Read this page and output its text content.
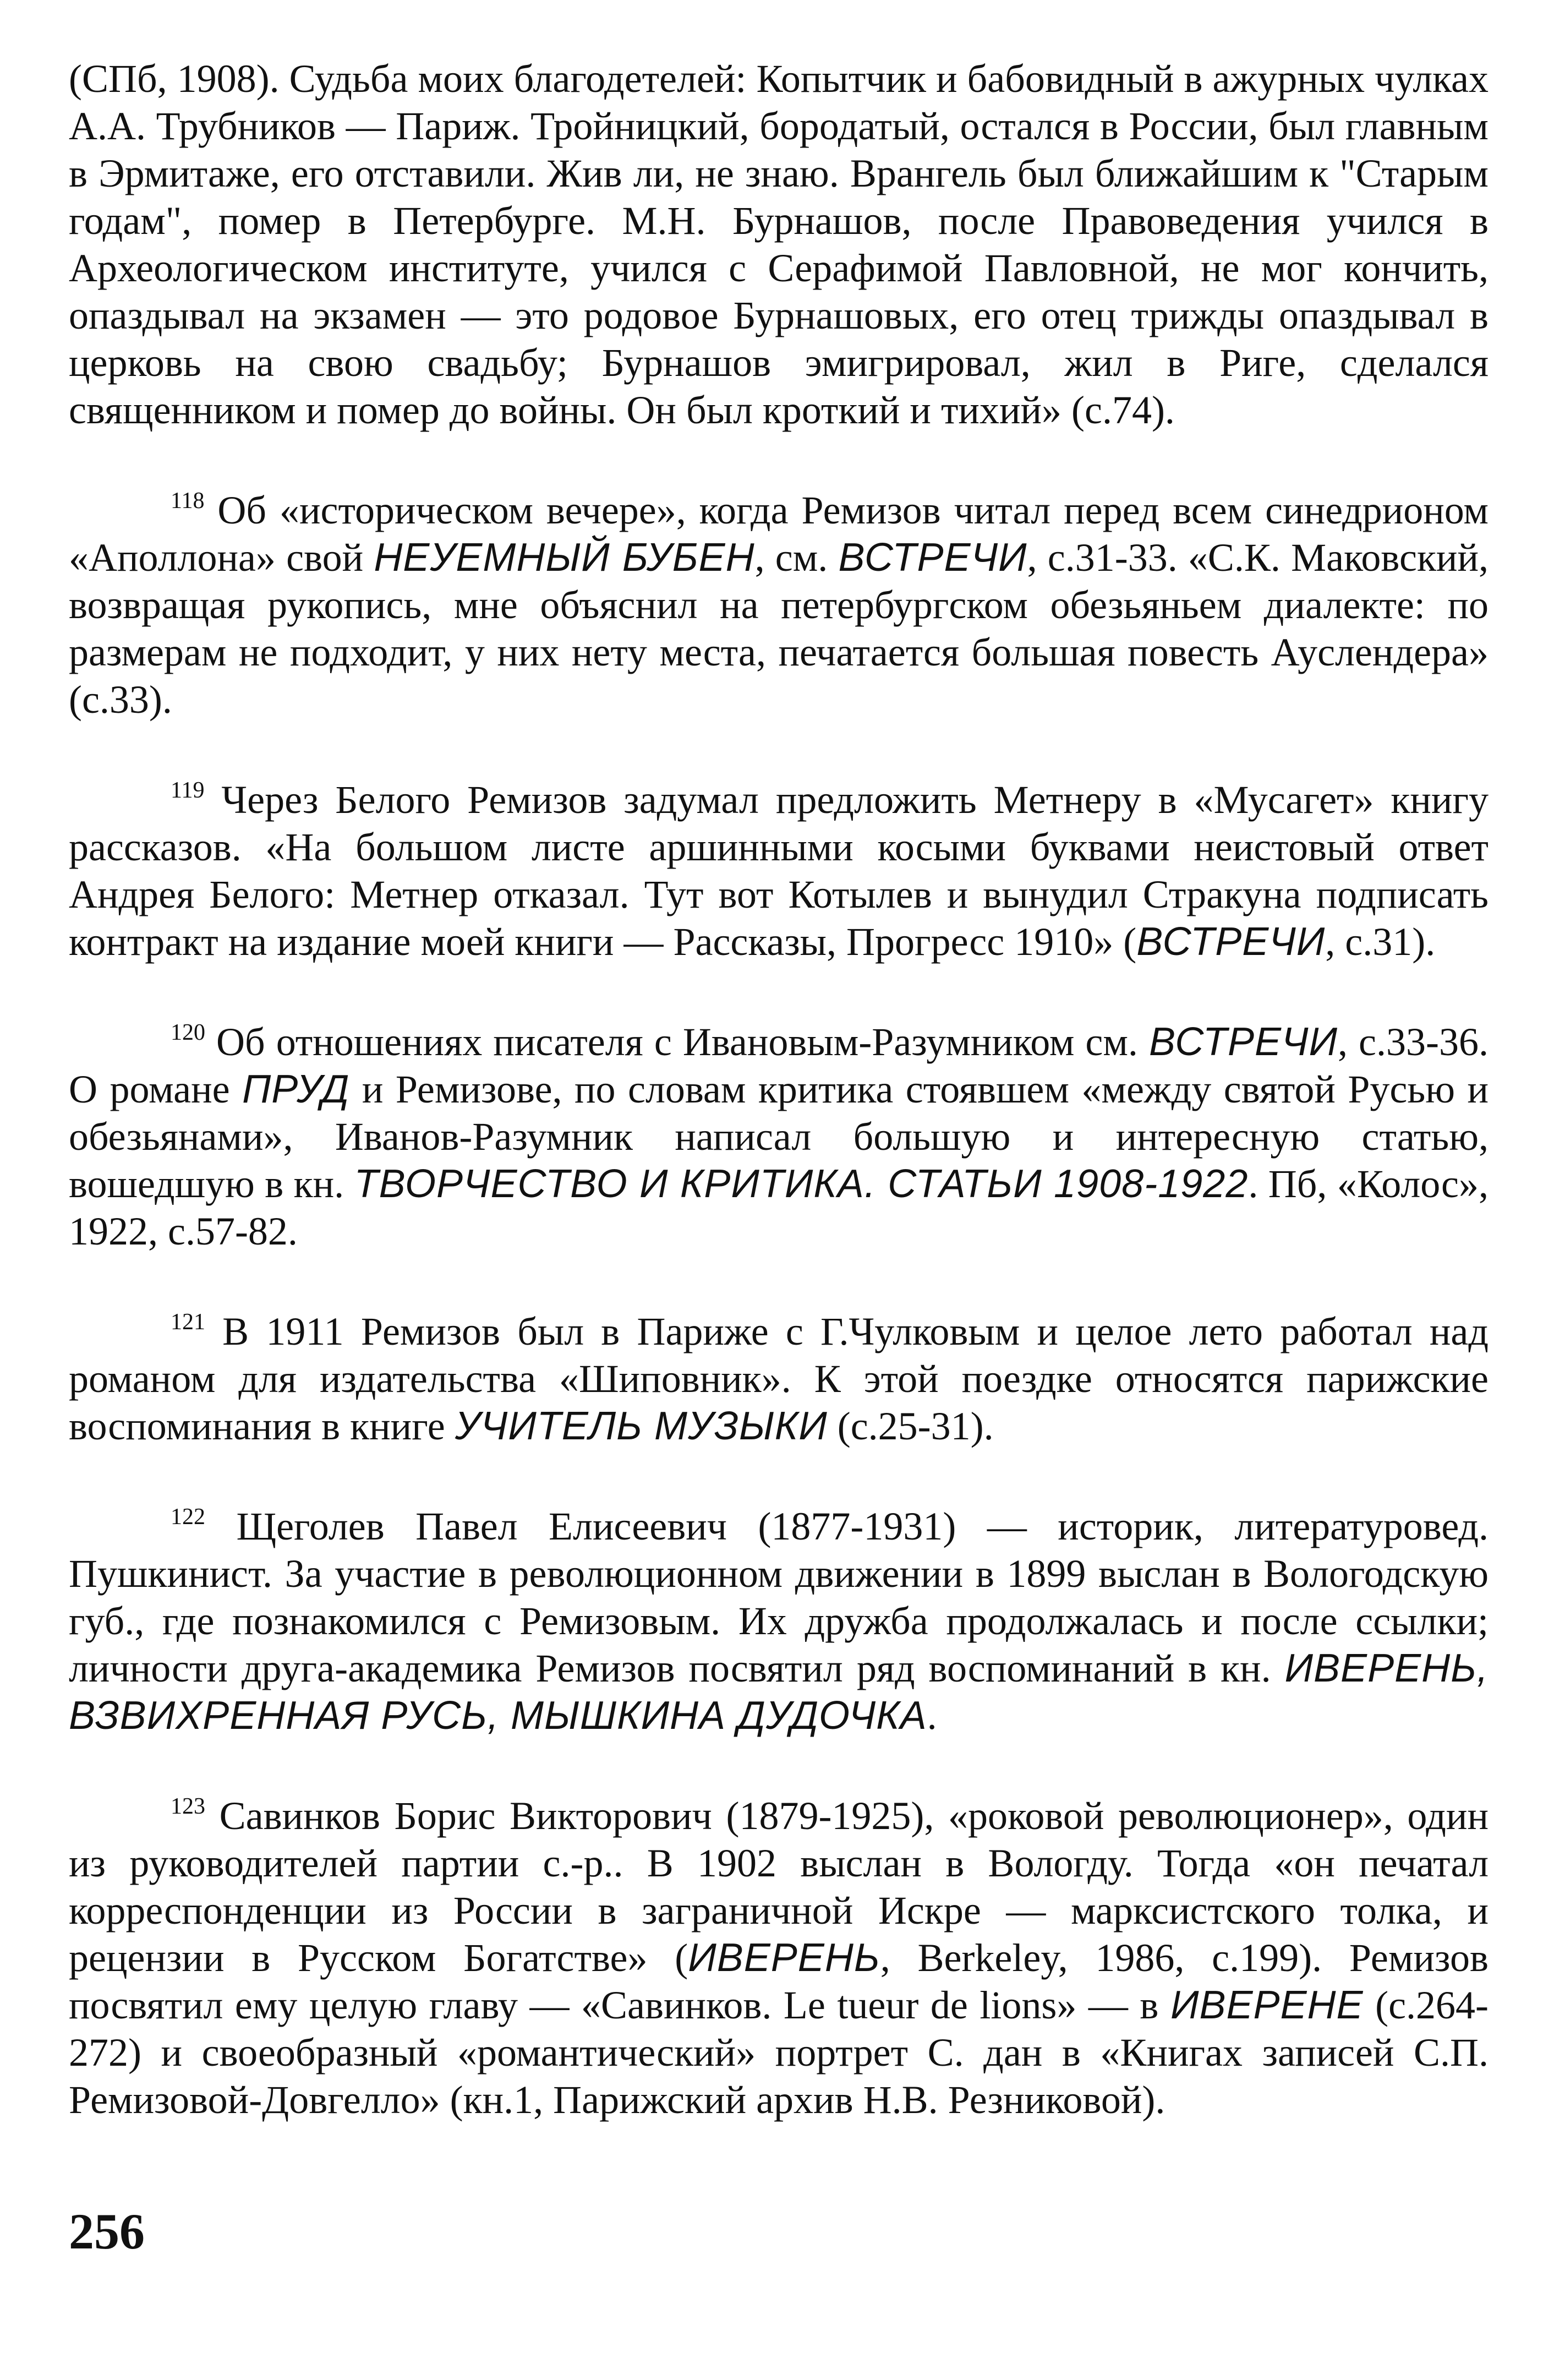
(СПб, 1908). Судьба моих благодетелей: Копытчик и бабовидный в ажурных чулках А.А. Трубников — Париж. Тройницкий, бородатый, остался в России, был главным в Эрмитаже, его отставили. Жив ли, не знаю. Врангель был ближайшим к "Старым годам", помер в Петербурге. М.Н. Бурнашов, после Правоведения учился в Археологическом институте, учился с Серафимой Павловной, не мог кончить, опаздывал на экзамен — это родовое Бурнашовых, его отец трижды опаздывал в церковь на свою свадьбу; Бурнашов эмигрировал, жил в Риге, сделался священником и помер до войны. Он был кроткий и тихий» (с.74).

$^{118}$ Об «историческом вечере», когда Ремизов читал перед всем синедрионом «Аполлона» свой НЕУЕМНЫЙ БУБЕН, см. ВСТРЕЧИ, с.31-33. «С.К. Маковский, возвращая рукопись, мне объяснил на петербургском обезьяньем диалекте: по размерам не подходит, у них нету места, печатается большая повесть Ауслендера» (с.33).

$^{119}$ Через Белого Ремизов задумал предложить Метнеру в «Мусагет» книгу рассказов. «На большом листе аршинными косыми буквами неистовый ответ Андрея Белого: Метнер отказал. Тут вот Котылев и вынудил Стракуна подписать контракт на издание моей книги — Рассказы, Прогресс 1910» (ВСТРЕЧИ, с.31).

$^{120}$ Об отношениях писателя с Ивановым-Разумником см. ВСТРЕЧИ, с.33-36. О романе ПРУД и Ремизове, по словам критика стоявшем «между святой Русью и обезьянами», Иванов-Разумник написал большую и интересную статью, вошедшую в кн. ТВОРЧЕСТВО И КРИТИКА. СТАТЬИ 1908-1922. Пб, «Колос», 1922, с.57-82.

$^{121}$ В 1911 Ремизов был в Париже с Г.Чулковым и целое лето работал над романом для издательства «Шиповник». К этой поездке относятся парижские воспоминания в книге УЧИТЕЛЬ МУЗЫКИ (с.25-31).

$^{122}$ Щеголев Павел Елисеевич (1877-1931) — историк, литературовед. Пушкинист. За участие в революционном движении в 1899 выслан в Вологодскую губ., где познакомился с Ремизовым. Их дружба продолжалась и после ссылки; личности друга-академика Ремизов посвятил ряд воспоминаний в кн. ИВЕРЕНЬ, ВЗВИХРЕННАЯ РУСЬ, МЫШКИНА ДУДОЧКА.

$^{123}$ Савинков Борис Викторович (1879-1925), «роковой революционер», один из руководителей партии с.-р.. В 1902 выслан в Вологду. Тогда «он печатал корреспонденции из России в заграничной Искре — марксистского толка, и рецензии в Русском Богатстве» (ИВЕРЕНЬ, Berkeley, 1986, с.199). Ремизов посвятил ему целую главу — «Савинков. Le tueur de lions» — в ИВЕРЕНЕ (с.264-272) и своеобразный «романтический» портрет С. дан в «Книгах записей С.П. Ремизовой-Довгелло» (кн.1, Парижский архив Н.В. Резниковой).

256
